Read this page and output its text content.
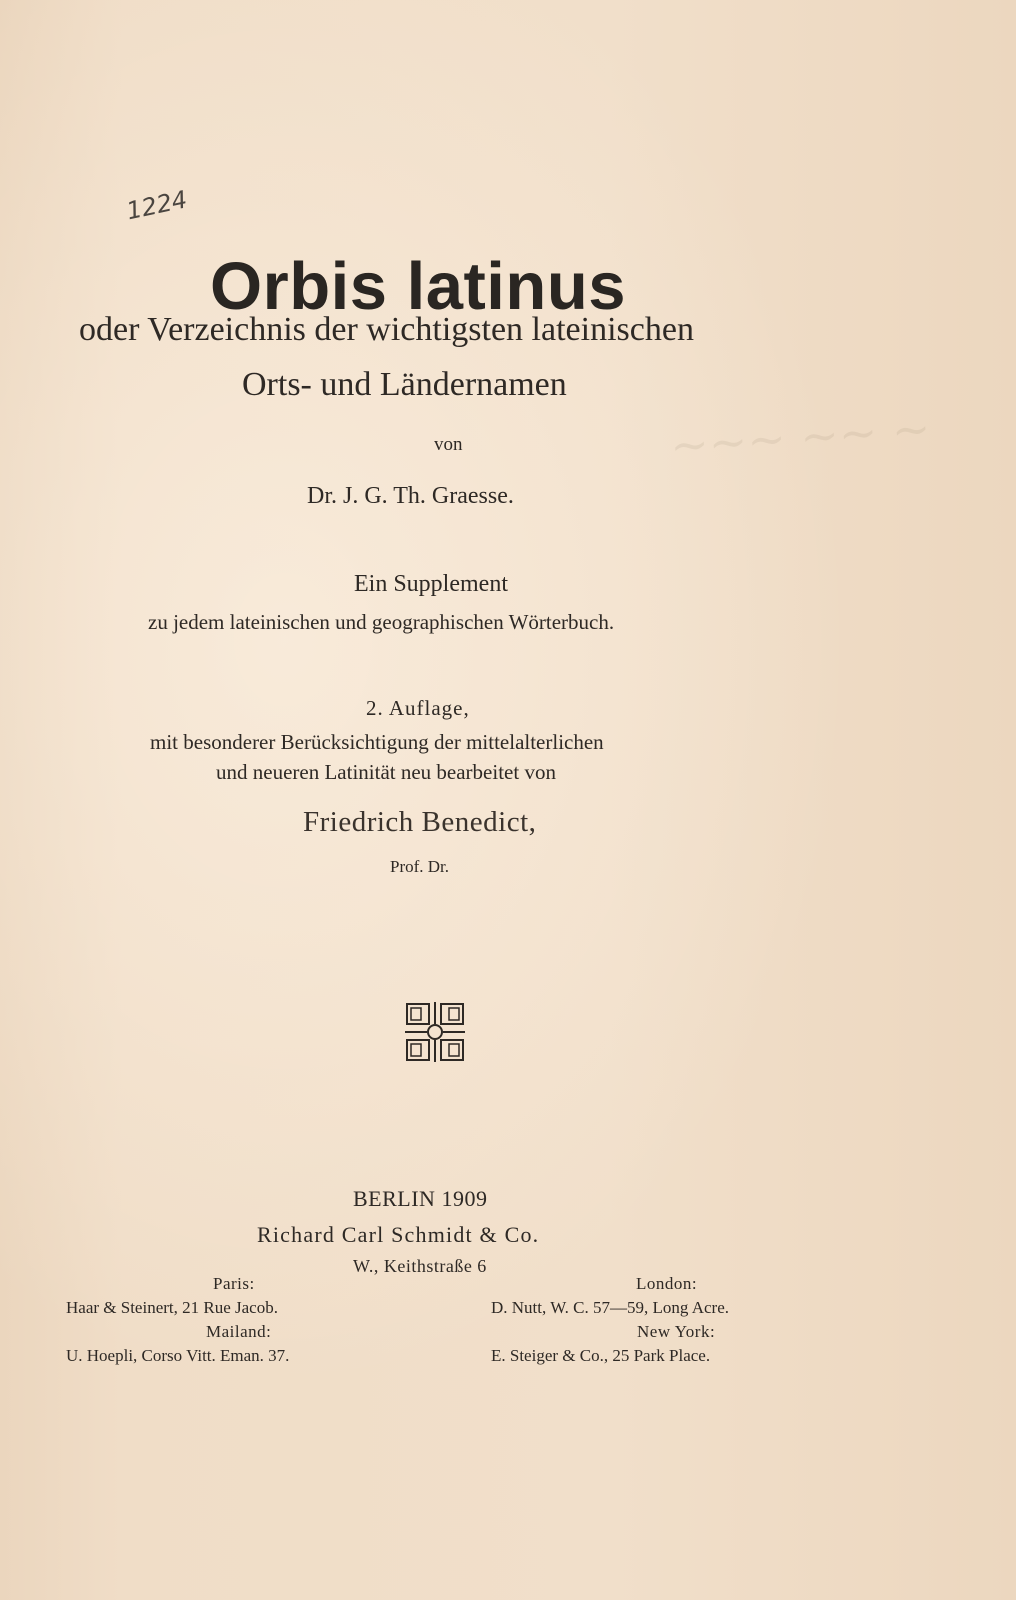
~~~ ~~ ~
1224
Orbis latinus

oder Verzeichnis der wichtigsten lateinischen

Orts- und Ländernamen

von

Dr. J. G. Th. Graesse.

Ein Supplement

zu jedem lateinischen und geographischen Wörterbuch.

2. Auflage,

mit besonderer Berücksichtigung der mittelalterlichen

und neueren Latinität neu bearbeitet von

Friedrich Benedict,

Prof. Dr.

BERLIN 1909

Richard Carl Schmidt & Co.

W., Keithstraße 6

Paris:

Haar & Steinert, 21 Rue Jacob.

Mailand:

U. Hoepli, Corso Vitt. Eman. 37.

London:

D. Nutt, W. C. 57—59, Long Acre.

New York:

E. Steiger & Co., 25 Park Place.
